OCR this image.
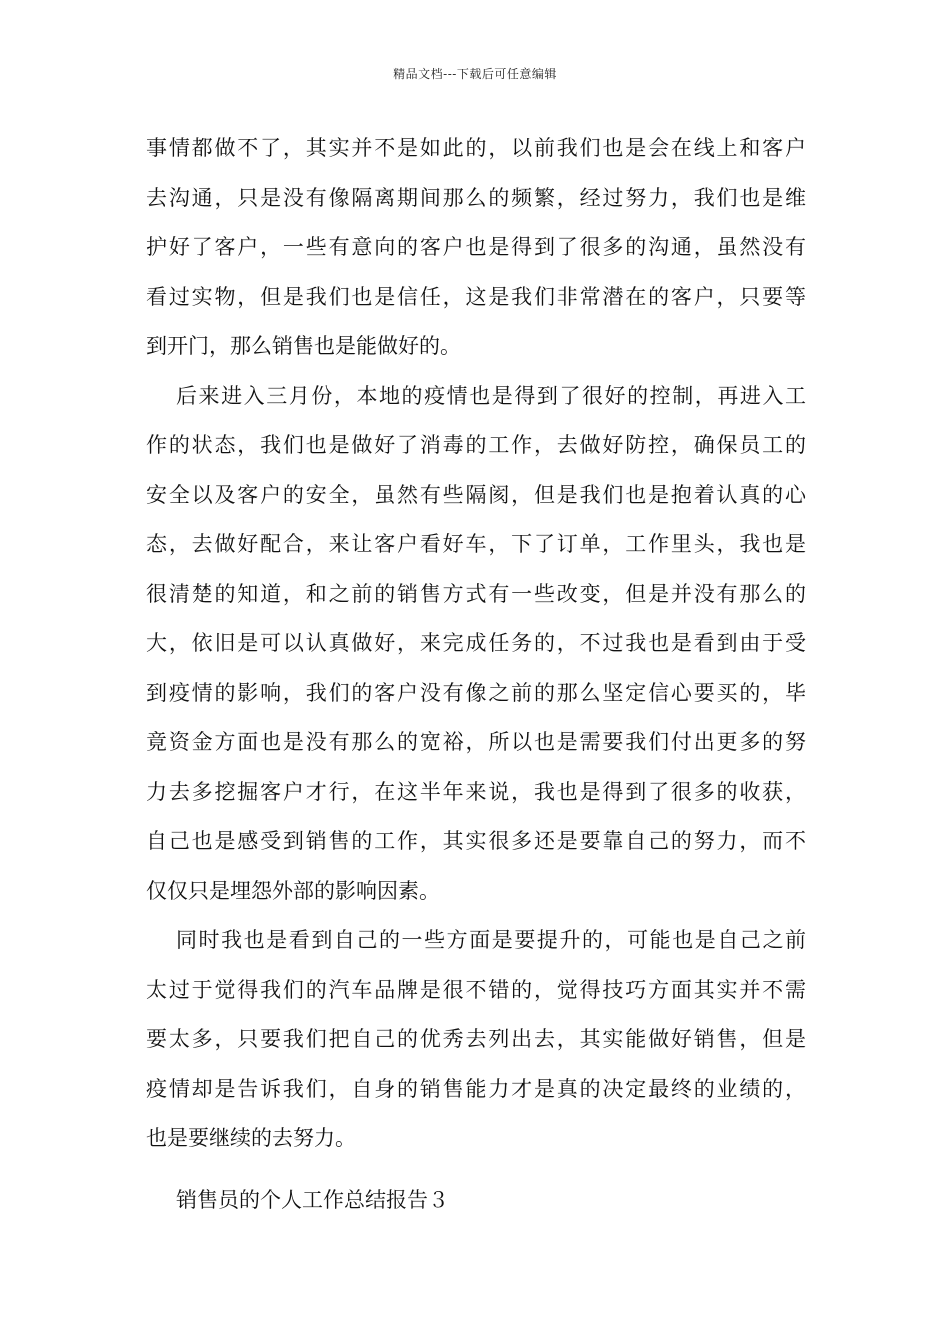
精品文档---下载后可任意编辑
事情都做不了，其实并不是如此的，以前我们也是会在线上和客户
去沟通，只是没有像隔离期间那么的频繁，经过努力，我们也是维
护好了客户，一些有意向的客户也是得到了很多的沟通，虽然没有
看过实物，但是我们也是信任，这是我们非常潜在的客户，只要等
到开门，那么销售也是能做好的。
后来进入三月份，本地的疫情也是得到了很好的控制，再进入工
作的状态，我们也是做好了消毒的工作，去做好防控，确保员工的
安全以及客户的安全，虽然有些隔阂，但是我们也是抱着认真的心
态，去做好配合，来让客户看好车，下了订单，工作里头，我也是
很清楚的知道，和之前的销售方式有一些改变，但是并没有那么的
大，依旧是可以认真做好，来完成任务的，不过我也是看到由于受
到疫情的影响，我们的客户没有像之前的那么坚定信心要买的，毕
竟资金方面也是没有那么的宽裕，所以也是需要我们付出更多的努
力去多挖掘客户才行，在这半年来说，我也是得到了很多的收获，
自己也是感受到销售的工作，其实很多还是要靠自己的努力，而不
仅仅只是埋怨外部的影响因素。
同时我也是看到自己的一些方面是要提升的，可能也是自己之前
太过于觉得我们的汽车品牌是很不错的，觉得技巧方面其实并不需
要太多，只要我们把自己的优秀去列出去，其实能做好销售，但是
疫情却是告诉我们，自身的销售能力才是真的决定最终的业绩的，
也是要继续的去努力。
销售员的个人工作总结报告３
